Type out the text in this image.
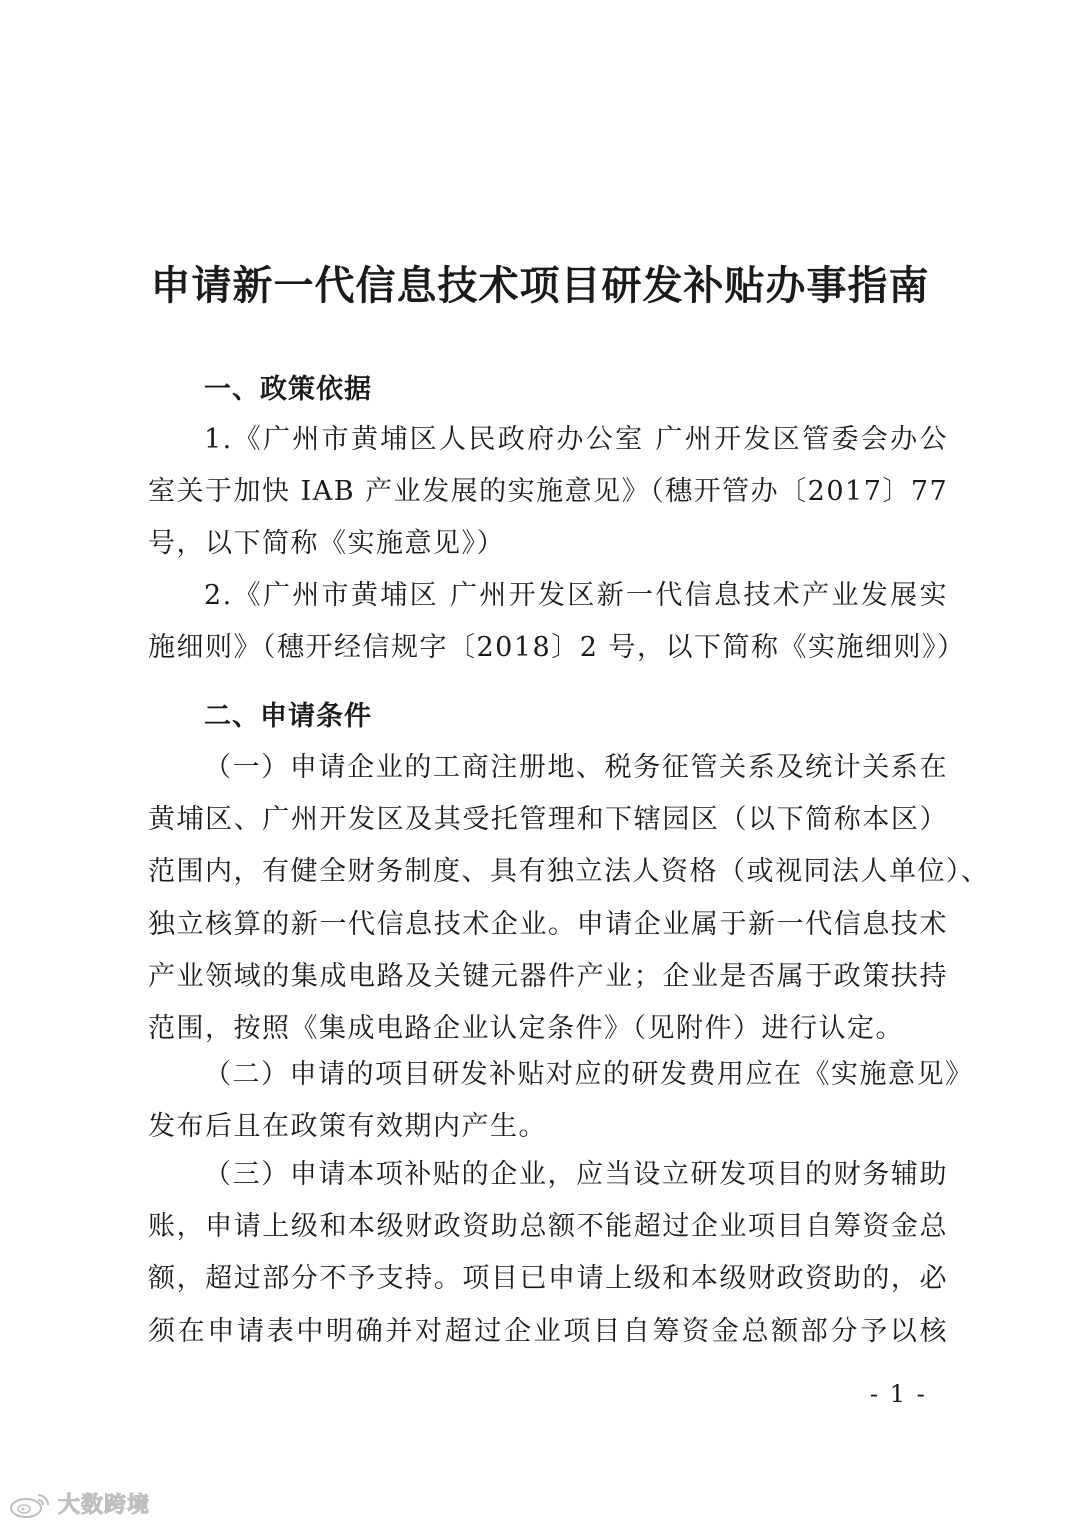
申请新一代信息技术项目研发补贴办事指南
一、政策依据
1.《广州市黄埔区人民政府办公室 广州开发区管委会办公
室关于加快 IAB 产业发展的实施意见》（穗开管办〔2017〕77
号，以下简称《实施意见》）
2.《广州市黄埔区 广州开发区新一代信息技术产业发展实
施细则》（穗开经信规字〔2018〕2 号，以下简称《实施细则》）
二、申请条件
（一）申请企业的工商注册地、税务征管关系及统计关系在
黄埔区、广州开发区及其受托管理和下辖园区（以下简称本区）
范围内，有健全财务制度、具有独立法人资格（或视同法人单位）、
独立核算的新一代信息技术企业。申请企业属于新一代信息技术
产业领域的集成电路及关键元器件产业；企业是否属于政策扶持
范围，按照《集成电路企业认定条件》（见附件）进行认定。
（二）申请的项目研发补贴对应的研发费用应在《实施意见》
发布后且在政策有效期内产生。
（三）申请本项补贴的企业，应当设立研发项目的财务辅助
账，申请上级和本级财政资助总额不能超过企业项目自筹资金总
额，超过部分不予支持。项目已申请上级和本级财政资助的，必
须在申请表中明确并对超过企业项目自筹资金总额部分予以核
- 1 -
大数跨境
